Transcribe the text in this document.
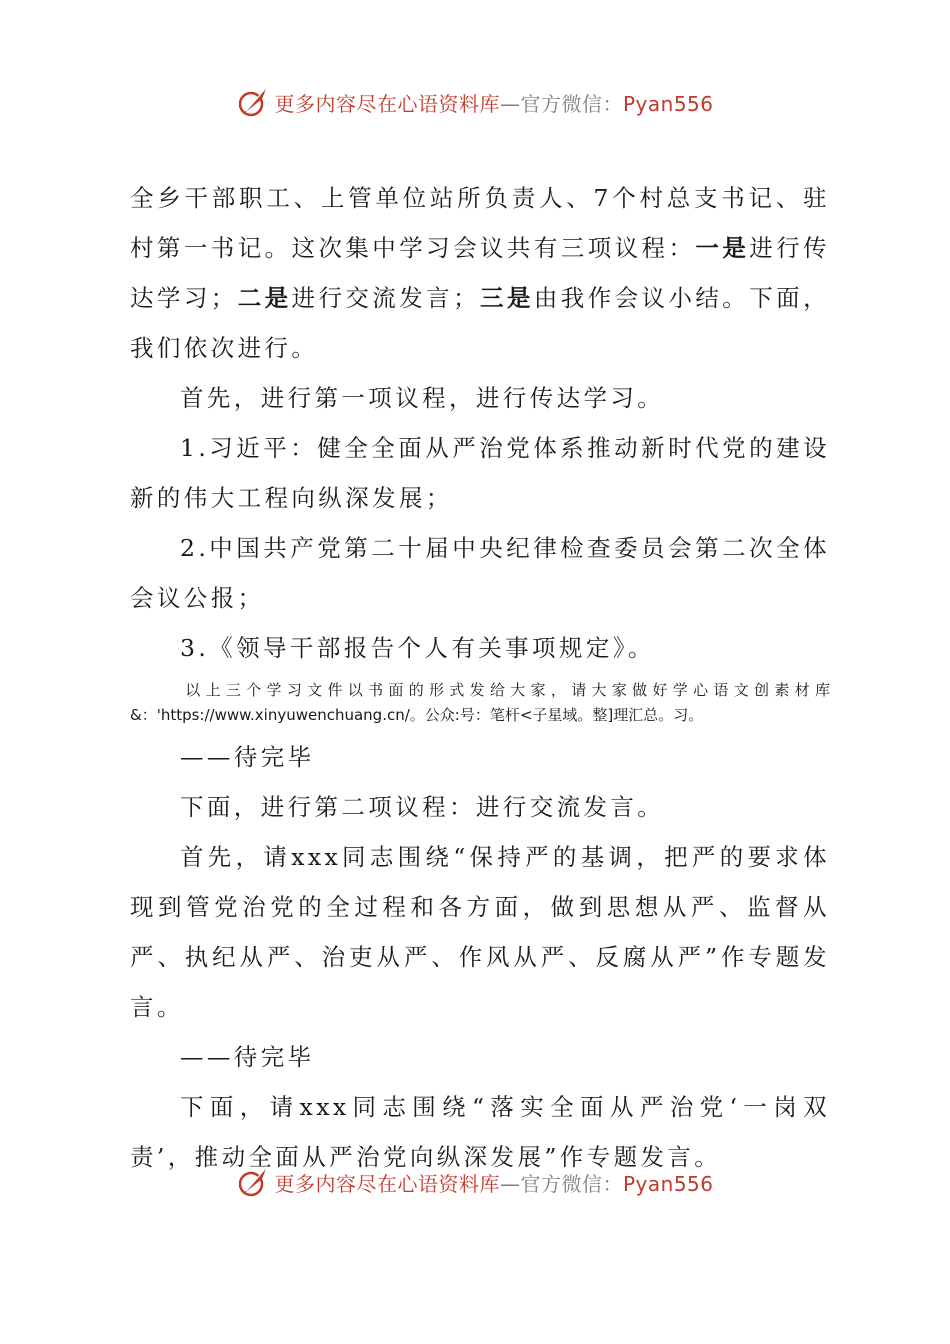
更多内容尽在心语资料库—官方微信：Pyan556

全乡干部职工、上管单位站所负责人、7个村总支书记、驻村第一书记。这次集中学习会议共有三项议程：一是进行传达学习；二是进行交流发言；三是由我作会议小结。下面，我们依次进行。

首先，进行第一项议程，进行传达学习。

1.习近平：健全全面从严治党体系推动新时代党的建设新的伟大工程向纵深发展；

2.中国共产党第二十届中央纪律检查委员会第二次全体会议公报；

3.《领导干部报告个人有关事项规定》。

以上三个学习文件以书面的形式发给大家，请大家做好学心语文创素材库&：'https://www.xinyuwenchuang.cn/。公众:号：笔杆<子星域。整]理汇总。习。

——待完毕

下面，进行第二项议程：进行交流发言。

首先，请xxx同志围绕“保持严的基调，把严的要求体现到管党治党的全过程和各方面，做到思想从严、监督从严、执纪从严、治吏从严、作风从严、反腐从严”作专题发言。

——待完毕

下面，请xxx同志围绕“落实全面从严治党‘一岗双责’，推动全面从严治党向纵深发展”作专题发言。

更多内容尽在心语资料库—官方微信：Pyan556
